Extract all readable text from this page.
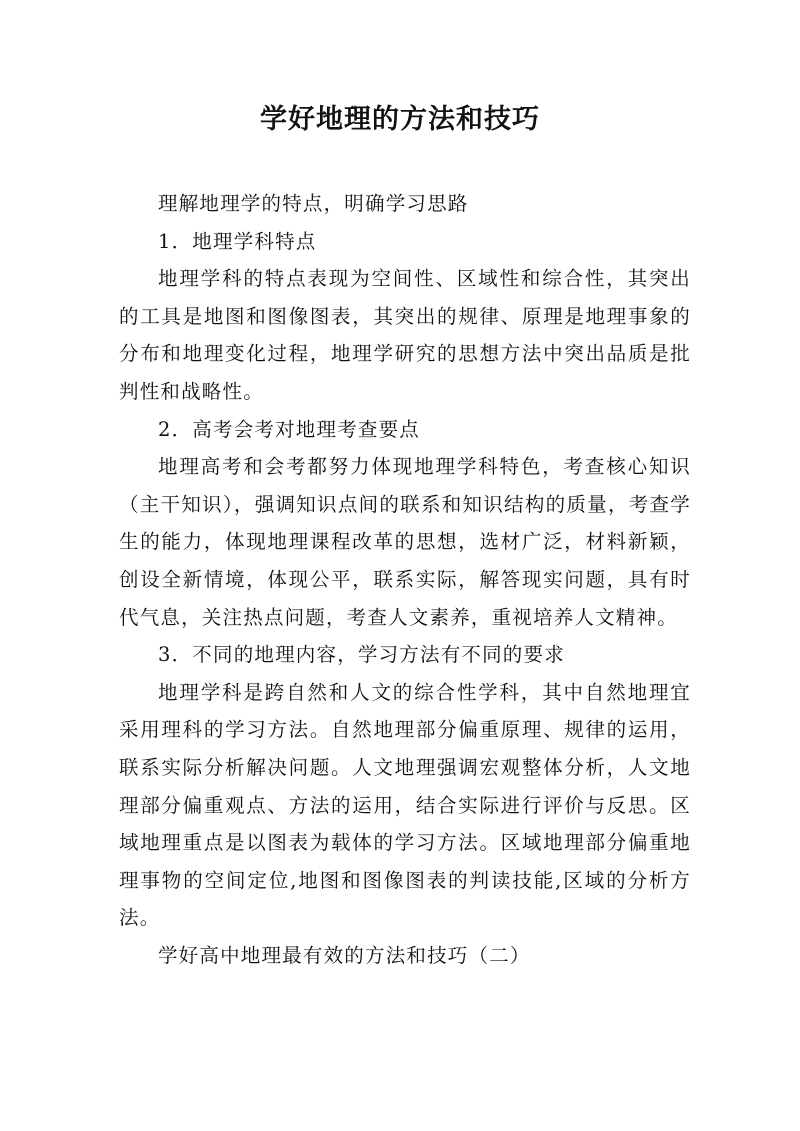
学好地理的方法和技巧

理解地理学的特点，明确学习思路

1．地理学科特点

地理学科的特点表现为空间性、区域性和综合性，其突出的工具是地图和图像图表，其突出的规律、原理是地理事象的分布和地理变化过程，地理学研究的思想方法中突出品质是批判性和战略性。

2．高考会考对地理考查要点

地理高考和会考都努力体现地理学科特色，考查核心知识（主干知识），强调知识点间的联系和知识结构的质量，考查学生的能力，体现地理课程改革的思想，选材广泛，材料新颖，创设全新情境，体现公平，联系实际，解答现实问题，具有时代气息，关注热点问题，考查人文素养，重视培养人文精神。

3．不同的地理内容，学习方法有不同的要求

地理学科是跨自然和人文的综合性学科，其中自然地理宜采用理科的学习方法。自然地理部分偏重原理、规律的运用，联系实际分析解决问题。人文地理强调宏观整体分析，人文地理部分偏重观点、方法的运用，结合实际进行评价与反思。区域地理重点是以图表为载体的学习方法。区域地理部分偏重地理事物的空间定位,地图和图像图表的判读技能,区域的分析方法。

学好高中地理最有效的方法和技巧（二）
